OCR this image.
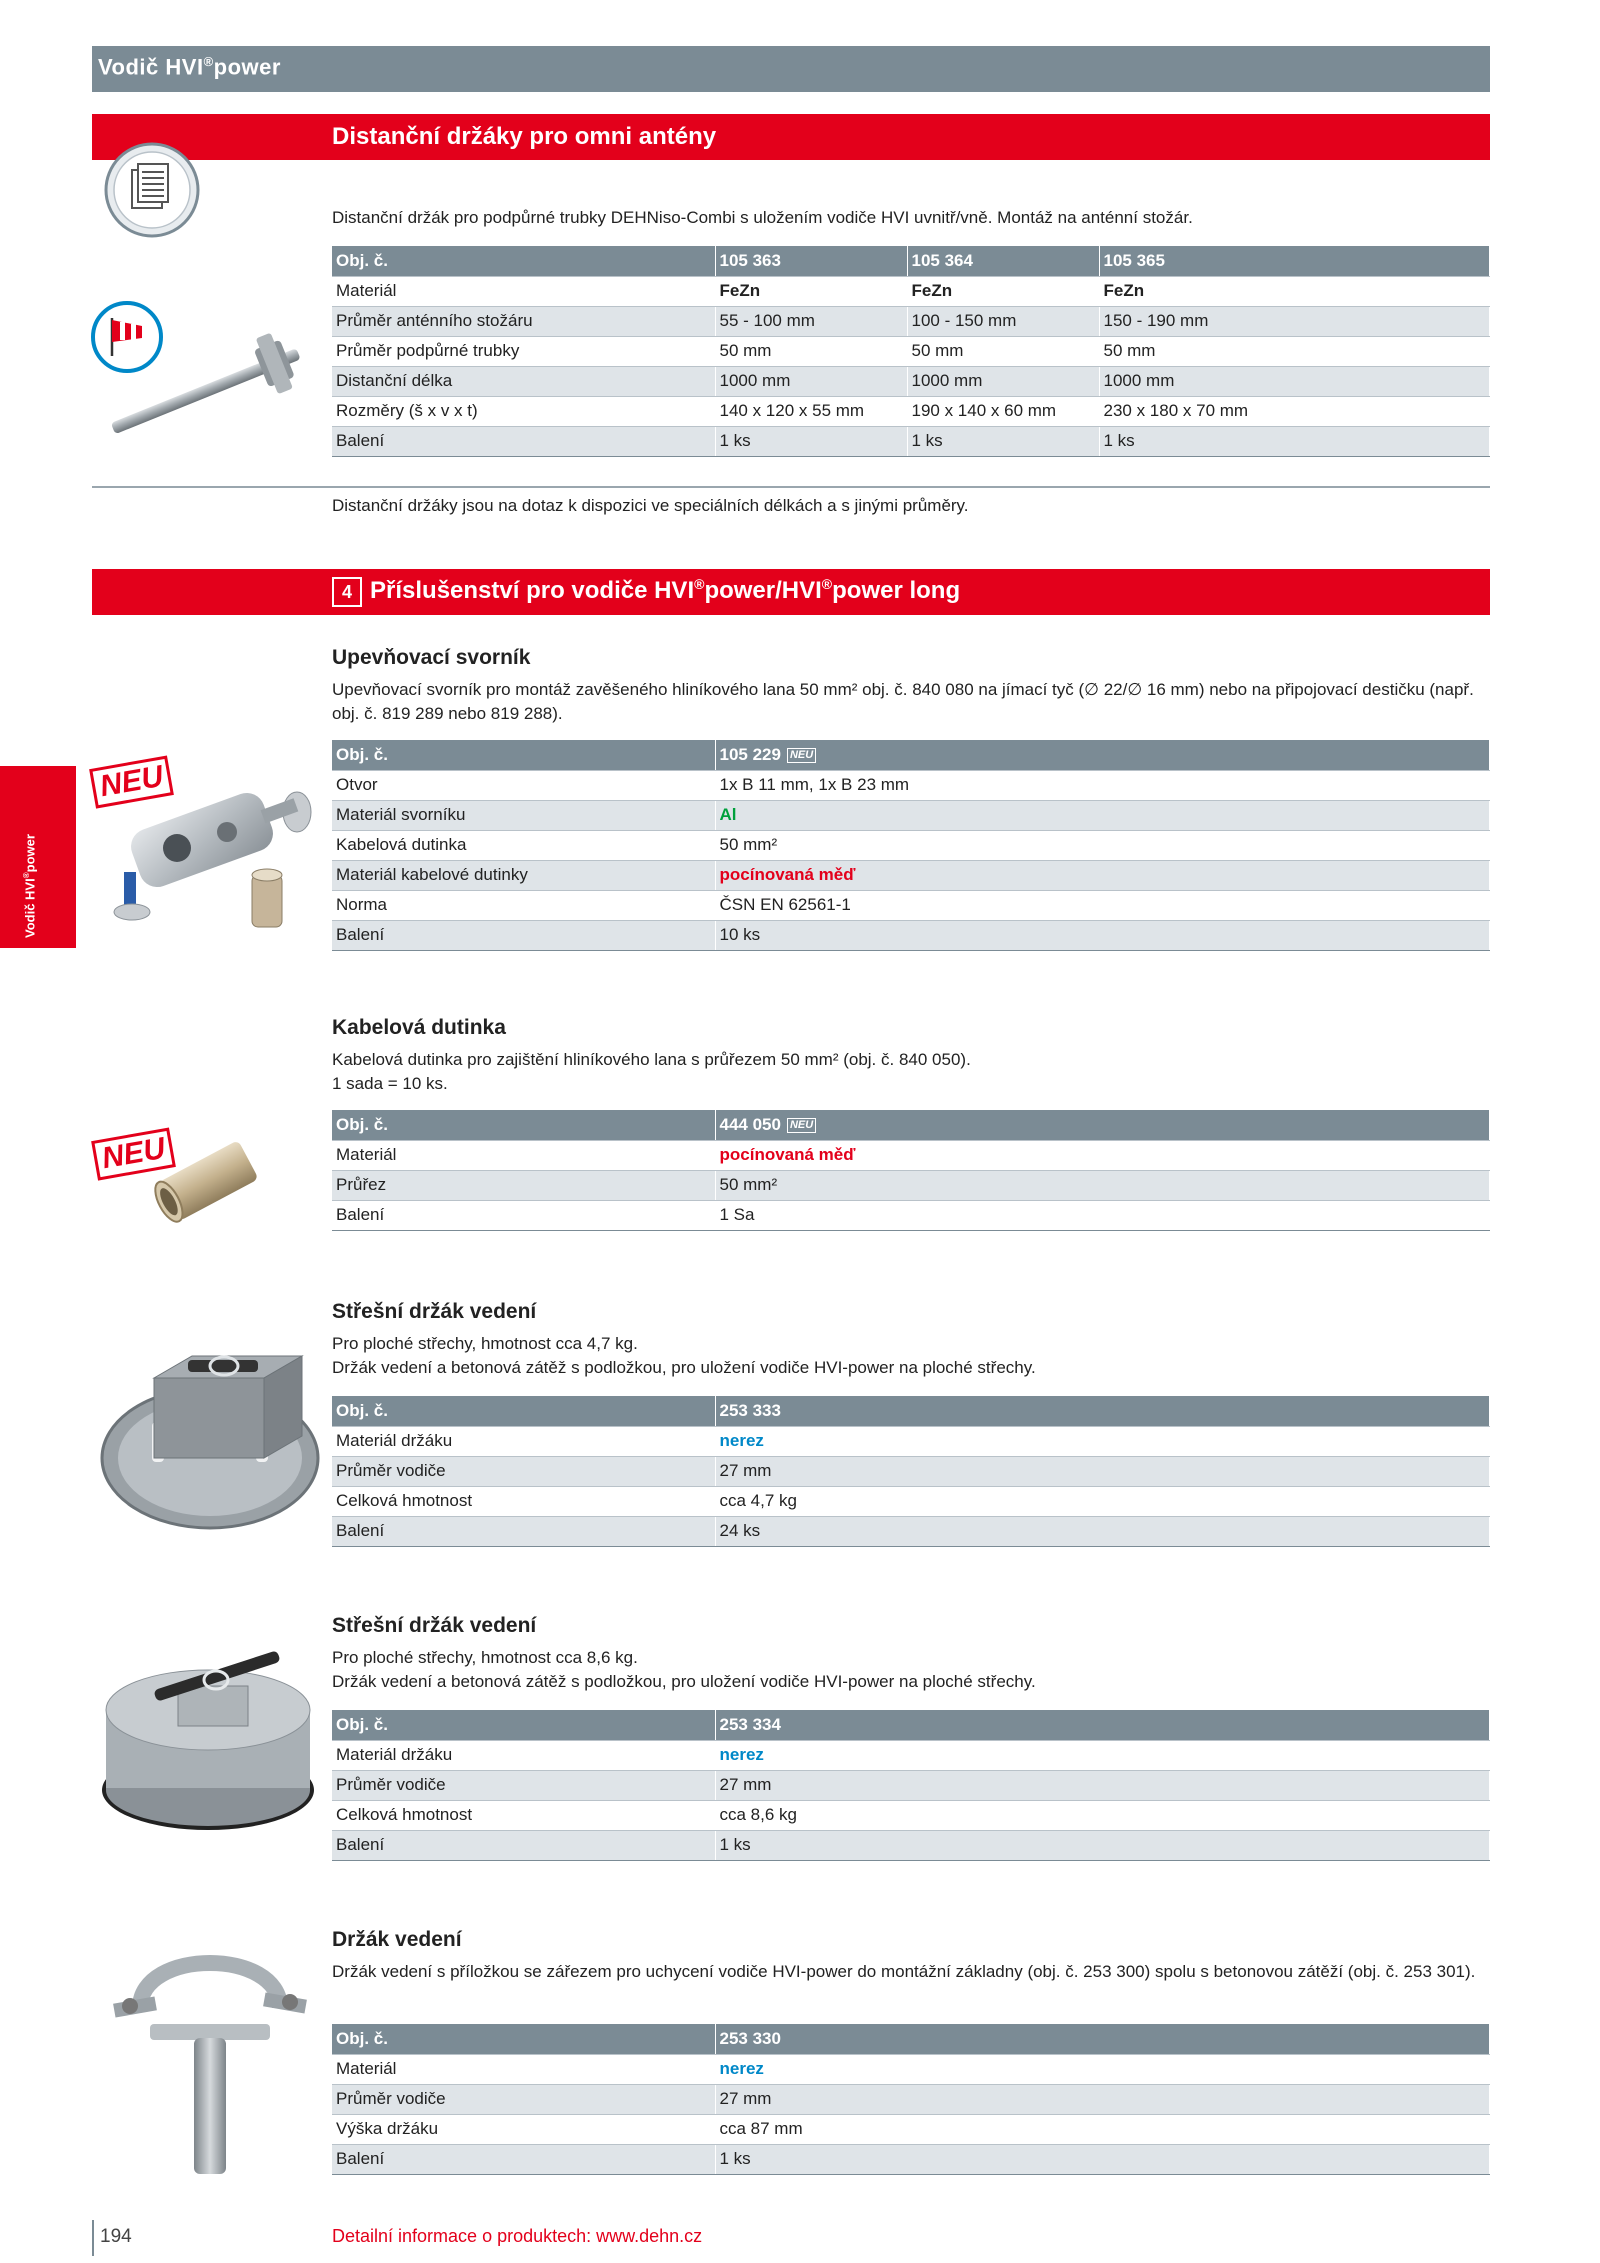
Vodič HVI®power
Distanční držáky pro omni antény
Distanční držák pro podpůrné trubky DEHNiso-Combi s uložením vodiče HVI uvnitř/vně. Montáž na anténní stožár.
Obj. č.	105 363	105 364	105 365
Materiál	FeZn	FeZn	FeZn
Průměr anténního stožáru	55 - 100 mm	100 - 150 mm	150 - 190 mm
Průměr podpůrné trubky	50 mm	50 mm	50 mm
Distanční délka	1000 mm	1000 mm	1000 mm
Rozměry (š x v x t)	140 x 120 x 55 mm	190 x 140 x 60 mm	230 x 180 x 70 mm
Balení	1 ks	1 ks	1 ks
Distanční držáky jsou na dotaz k dispozici ve speciálních délkách a s jinými průměry.
4 Příslušenství pro vodiče HVI®power/HVI®power long
Vodič HVI®power
NEU
Upevňovací svorník
Upevňovací svorník pro montáž zavěšeného hliníkového lana 50 mm² obj. č. 840 080 na jímací tyč (∅ 22/∅ 16 mm) nebo na připojovací destičku (např. obj. č. 819 289 nebo 819 288).
Obj. č.	105 229 NEU
Otvor	1x B 11 mm, 1x B 23 mm
Materiál svorníku	Al
Kabelová dutinka	50 mm²
Materiál kabelové dutinky	pocínovaná měď
Norma	ČSN EN 62561-1
Balení	10 ks
NEU
Kabelová dutinka
Kabelová dutinka pro zajištění hliníkového lana s průřezem 50 mm² (obj. č. 840 050).
1 sada = 10 ks.
Obj. č.	444 050 NEU
Materiál	pocínovaná měď
Průřez	50 mm²
Balení	1 Sa
Střešní držák vedení
Pro ploché střechy, hmotnost cca 4,7 kg.
Držák vedení a betonová zátěž s podložkou, pro uložení vodiče HVI-power na ploché střechy.
Obj. č.	253 333
Materiál držáku	nerez
Průměr vodiče	27 mm
Celková hmotnost	cca 4,7 kg
Balení	24 ks
Střešní držák vedení
Pro ploché střechy, hmotnost cca 8,6 kg.
Držák vedení a betonová zátěž s podložkou, pro uložení vodiče HVI-power na ploché střechy.
Obj. č.	253 334
Materiál držáku	nerez
Průměr vodiče	27 mm
Celková hmotnost	cca 8,6 kg
Balení	1 ks
Držák vedení
Držák vedení s příložkou se zářezem pro uchycení vodiče HVI-power do montážní základny (obj. č. 253 300) spolu s betonovou zátěží (obj. č. 253 301).
Obj. č.	253 330
Materiál	nerez
Průměr vodiče	27 mm
Výška držáku	cca 87 mm
Balení	1 ks
194	Detailní informace o produktech: www.dehn.cz
